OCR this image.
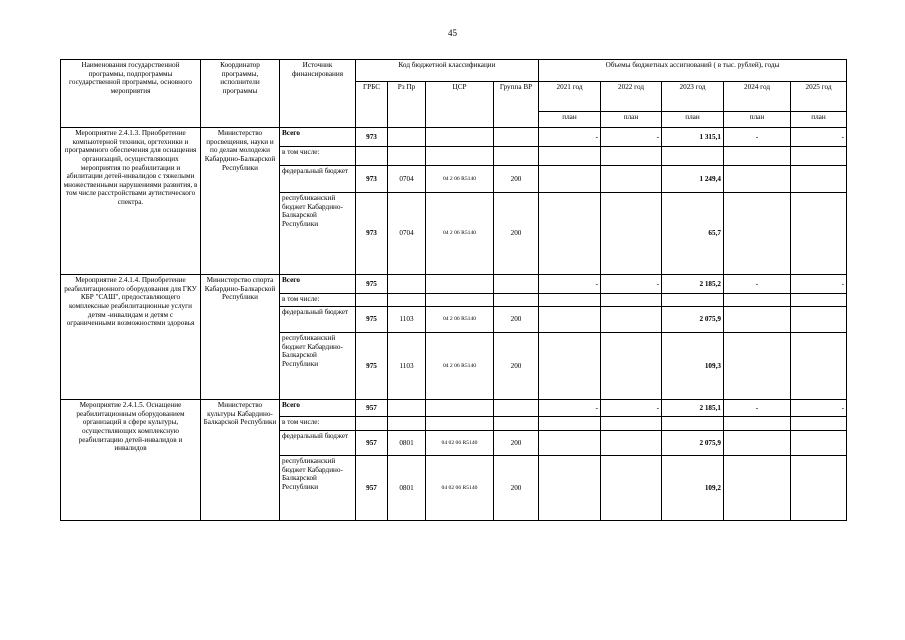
45
Наименования государственной программы, подпрограммы государственной программы, основного мероприятия	Координатор программы, исполнители программы	Источник финансирования	Код бюджетной классификации				Объемы бюджетных ассигнований ( в тыс. рублей), годы				
			ГРБС	Рз Пр	ЦСР	Группа ВР	2021 год	2022 год	2023 год	2024 год	2025 год
							план	план	план	план	план
Мероприятие 2.4.1.3. Приобретение компьютерной техники, оргтехники и программного обеспечения для оснащения организаций, осуществляющих мероприятия по реабилитации и абилитации детей-инвалидов с тяжелыми множественными нарушениями развития, в том числе расстройствами аутистического спектра.	Министерство просвещения, науки и по делам молодежи Кабардино-Балкарской Республики	Всего	973				-	-	1 315,1	-	-
		в том числе:									
		федеральный бюджет	973	0704	04 2 06 R5140	200			1 249,4		
		республиканский бюджет Кабардино-Балкарской Республики	973	0704	04 2 06 R5140	200			65,7		
Мероприятие 2.4.1.4. Приобретение реабилитационного оборудования для ГКУ КБР "САШ", предоставляющего комплексные реабилитационные услуги детям -инвалидам и детям с ограниченными возможностями здоровья	Министерство спорта Кабардино-Балкарской Республики	Всего	975				-	-	2 185,2	-	-
		в том числе:									
		федеральный бюджет	975	1103	04 2 06 R5140	200			2 075,9		
		республиканский бюджет Кабардино-Балкарской Республики	975	1103	04 2 06 R5140	200			109,3		
Мероприятие 2.4.1.5. Оснащение реабилитационным оборудованием организаций в сфере культуры, осуществляющих комплексную реабилитацию детей-инвалидов и инвалидов	Министерство культуры Кабардино-Балкарской Республики	Всего	957				-	-	2 185,1	-	-
		в том числе:									
		федеральный бюджет	957	0801	04 02 06 R5140	200			2 075,9		
		республиканский бюджет Кабардино-Балкарской Республики	957	0801	04 02 06 R5140	200			109,2		
